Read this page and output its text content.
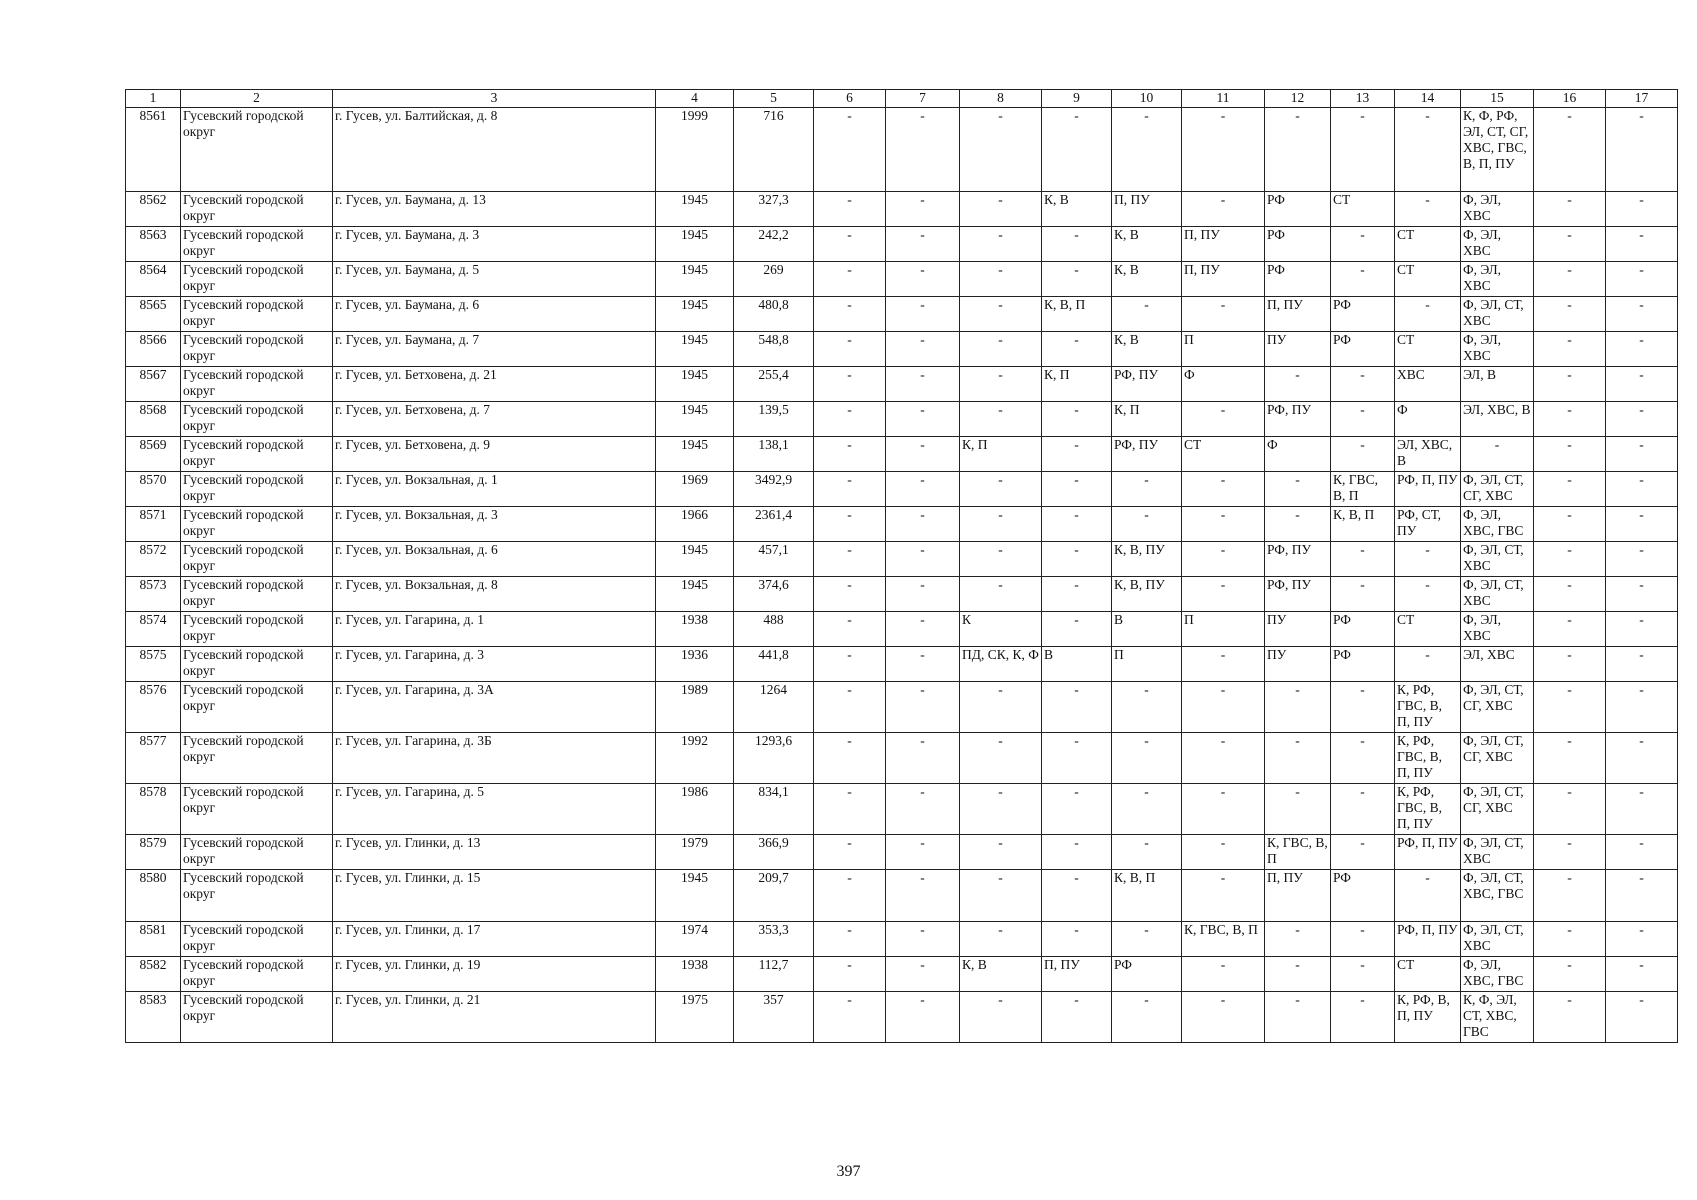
1	2	3	4	5	6	7	8	9	10	11	12	13	14	15	16	17
8561	Гусевский городской округ	г. Гусев, ул. Балтийская, д. 8	1999	716	-	-	-	-	-	-	-	-	-	К, Ф, РФ, ЭЛ, СТ, СГ, ХВС, ГВС, В, П, ПУ	-	-
8562	Гусевский городской округ	г. Гусев, ул. Баумана, д. 13	1945	327,3	-	-	-	К, В	П, ПУ	-	РФ	СТ	-	Ф, ЭЛ, ХВС	-	-
8563	Гусевский городской округ	г. Гусев, ул. Баумана, д. 3	1945	242,2	-	-	-	-	К, В	П, ПУ	РФ	-	СТ	Ф, ЭЛ, ХВС	-	-
8564	Гусевский городской округ	г. Гусев, ул. Баумана, д. 5	1945	269	-	-	-	-	К, В	П, ПУ	РФ	-	СТ	Ф, ЭЛ, ХВС	-	-
8565	Гусевский городской округ	г. Гусев, ул. Баумана, д. 6	1945	480,8	-	-	-	К, В, П	-	-	П, ПУ	РФ	-	Ф, ЭЛ, СТ, ХВС	-	-
8566	Гусевский городской округ	г. Гусев, ул. Баумана, д. 7	1945	548,8	-	-	-	-	К, В	П	ПУ	РФ	СТ	Ф, ЭЛ, ХВС	-	-
8567	Гусевский городской округ	г. Гусев, ул. Бетховена, д. 21	1945	255,4	-	-	-	К, П	РФ, ПУ	Ф	-	-	ХВС	ЭЛ, В	-	-
8568	Гусевский городской округ	г. Гусев, ул. Бетховена, д. 7	1945	139,5	-	-	-	-	К, П	-	РФ, ПУ	-	Ф	ЭЛ, ХВС, В	-	-
8569	Гусевский городской округ	г. Гусев, ул. Бетховена, д. 9	1945	138,1	-	-	К, П	-	РФ, ПУ	СТ	Ф	-	ЭЛ, ХВС, В	-	-	-
8570	Гусевский городской округ	г. Гусев, ул. Вокзальная, д. 1	1969	3492,9	-	-	-	-	-	-	-	К, ГВС, В, П	РФ, П, ПУ	Ф, ЭЛ, СТ, СГ, ХВС	-	-
8571	Гусевский городской округ	г. Гусев, ул. Вокзальная, д. 3	1966	2361,4	-	-	-	-	-	-	-	К, В, П	РФ, СТ, ПУ	Ф, ЭЛ, ХВС, ГВС	-	-
8572	Гусевский городской округ	г. Гусев, ул. Вокзальная, д. 6	1945	457,1	-	-	-	-	К, В, ПУ	-	РФ, ПУ	-	-	Ф, ЭЛ, СТ, ХВС	-	-
8573	Гусевский городской округ	г. Гусев, ул. Вокзальная, д. 8	1945	374,6	-	-	-	-	К, В, ПУ	-	РФ, ПУ	-	-	Ф, ЭЛ, СТ, ХВС	-	-
8574	Гусевский городской округ	г. Гусев, ул. Гагарина, д. 1	1938	488	-	-	К	-	В	П	ПУ	РФ	СТ	Ф, ЭЛ, ХВС	-	-
8575	Гусевский городской округ	г. Гусев, ул. Гагарина, д. 3	1936	441,8	-	-	ПД, СК, К, Ф	В	П	-	ПУ	РФ	-	ЭЛ, ХВС	-	-
8576	Гусевский городской округ	г. Гусев, ул. Гагарина, д. 3А	1989	1264	-	-	-	-	-	-	-	-	К, РФ, ГВС, В, П, ПУ	Ф, ЭЛ, СТ, СГ, ХВС	-	-
8577	Гусевский городской округ	г. Гусев, ул. Гагарина, д. 3Б	1992	1293,6	-	-	-	-	-	-	-	-	К, РФ, ГВС, В, П, ПУ	Ф, ЭЛ, СТ, СГ, ХВС	-	-
8578	Гусевский городской округ	г. Гусев, ул. Гагарина, д. 5	1986	834,1	-	-	-	-	-	-	-	-	К, РФ, ГВС, В, П, ПУ	Ф, ЭЛ, СТ, СГ, ХВС	-	-
8579	Гусевский городской округ	г. Гусев, ул. Глинки, д. 13	1979	366,9	-	-	-	-	-	-	К, ГВС, В, П	-	РФ, П, ПУ	Ф, ЭЛ, СТ, ХВС	-	-
8580	Гусевский городской округ	г. Гусев, ул. Глинки, д. 15	1945	209,7	-	-	-	-	К, В, П	-	П, ПУ	РФ	-	Ф, ЭЛ, СТ, ХВС, ГВС	-	-
8581	Гусевский городской округ	г. Гусев, ул. Глинки, д. 17	1974	353,3	-	-	-	-	-	К, ГВС, В, П	-	-	РФ, П, ПУ	Ф, ЭЛ, СТ, ХВС	-	-
8582	Гусевский городской округ	г. Гусев, ул. Глинки, д. 19	1938	112,7	-	-	К, В	П, ПУ	РФ	-	-	-	СТ	Ф, ЭЛ, ХВС, ГВС	-	-
8583	Гусевский городской округ	г. Гусев, ул. Глинки, д. 21	1975	357	-	-	-	-	-	-	-	-	К, РФ, В, П, ПУ	К, Ф, ЭЛ, СТ, ХВС, ГВС	-	-
397
